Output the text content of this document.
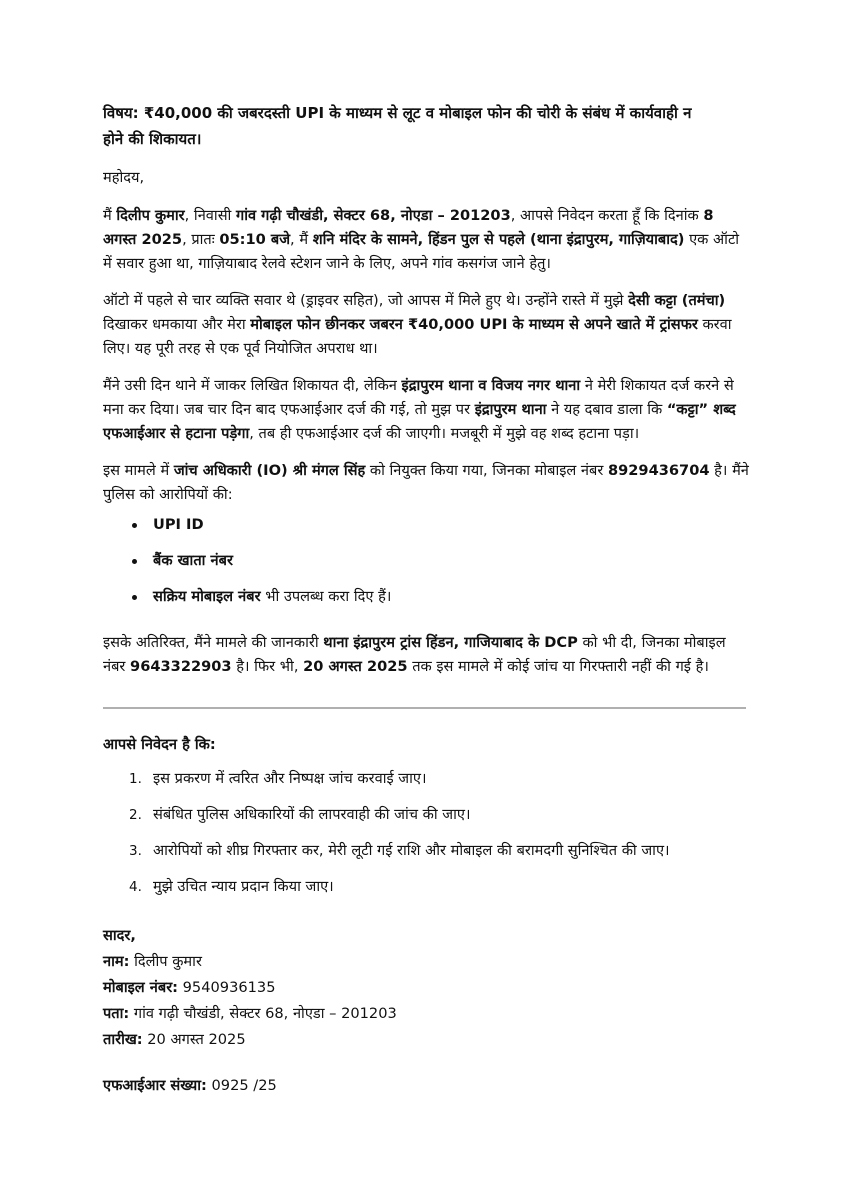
विषय: ₹40,000 की जबरदस्ती UPI के माध्यम से लूट व मोबाइल फोन की चोरी के संबंध में कार्यवाही न
होने की शिकायत।

महोदय,

मैं दिलीप कुमार, निवासी गांव गढ़ी चौखंडी, सेक्टर 68, नोएडा – 201203, आपसे निवेदन करता हूँ कि दिनांक 8 अगस्त 2025, प्रातः 05:10 बजे, मैं शनि मंदिर के सामने, हिंडन पुल से पहले (थाना इंद्रापुरम, गाज़ियाबाद) एक ऑटो में सवार हुआ था, गाज़ियाबाद रेलवे स्टेशन जाने के लिए, अपने गांव कसगंज जाने हेतु।

ऑटो में पहले से चार व्यक्ति सवार थे (ड्राइवर सहित), जो आपस में मिले हुए थे। उन्होंने रास्ते में मुझे देसी कट्टा (तमंचा) दिखाकर धमकाया और मेरा मोबाइल फोन छीनकर जबरन ₹40,000 UPI के माध्यम से अपने खाते में ट्रांसफर करवा लिए। यह पूरी तरह से एक पूर्व नियोजित अपराध था।

मैंने उसी दिन थाने में जाकर लिखित शिकायत दी, लेकिन इंद्रापुरम थाना व विजय नगर थाना ने मेरी शिकायत दर्ज करने से मना कर दिया। जब चार दिन बाद एफआईआर दर्ज की गई, तो मुझ पर इंद्रापुरम थाना ने यह दबाव डाला कि “कट्टा” शब्द एफआईआर से हटाना पड़ेगा, तब ही एफआईआर दर्ज की जाएगी। मजबूरी में मुझे वह शब्द हटाना पड़ा।

इस मामले में जांच अधिकारी (IO) श्री मंगल सिंह को नियुक्त किया गया, जिनका मोबाइल नंबर 8929436704 है। मैंने पुलिस को आरोपियों की:

UPI ID
बैंक खाता नंबर
सक्रिय मोबाइल नंबर भी उपलब्ध करा दिए हैं।

इसके अतिरिक्त, मैंने मामले की जानकारी थाना इंद्रापुरम ट्रांस हिंडन, गाजियाबाद के DCP को भी दी, जिनका मोबाइल नंबर 9643322903 है। फिर भी, 20 अगस्त 2025 तक इस मामले में कोई जांच या गिरफ्तारी नहीं की गई है।

आपसे निवेदन है कि:

1. इस प्रकरण में त्वरित और निष्पक्ष जांच करवाई जाए।
2. संबंधित पुलिस अधिकारियों की लापरवाही की जांच की जाए।
3. आरोपियों को शीघ्र गिरफ्तार कर, मेरी लूटी गई राशि और मोबाइल की बरामदगी सुनिश्चित की जाए।
4. मुझे उचित न्याय प्रदान किया जाए।
सादर,
नाम: दिलीप कुमार
मोबाइल नंबर: 9540936135
पता: गांव गढ़ी चौखंडी, सेक्टर 68, नोएडा – 201203
तारीख: 20 अगस्त 2025
एफआईआर संख्या: 0925 /25
